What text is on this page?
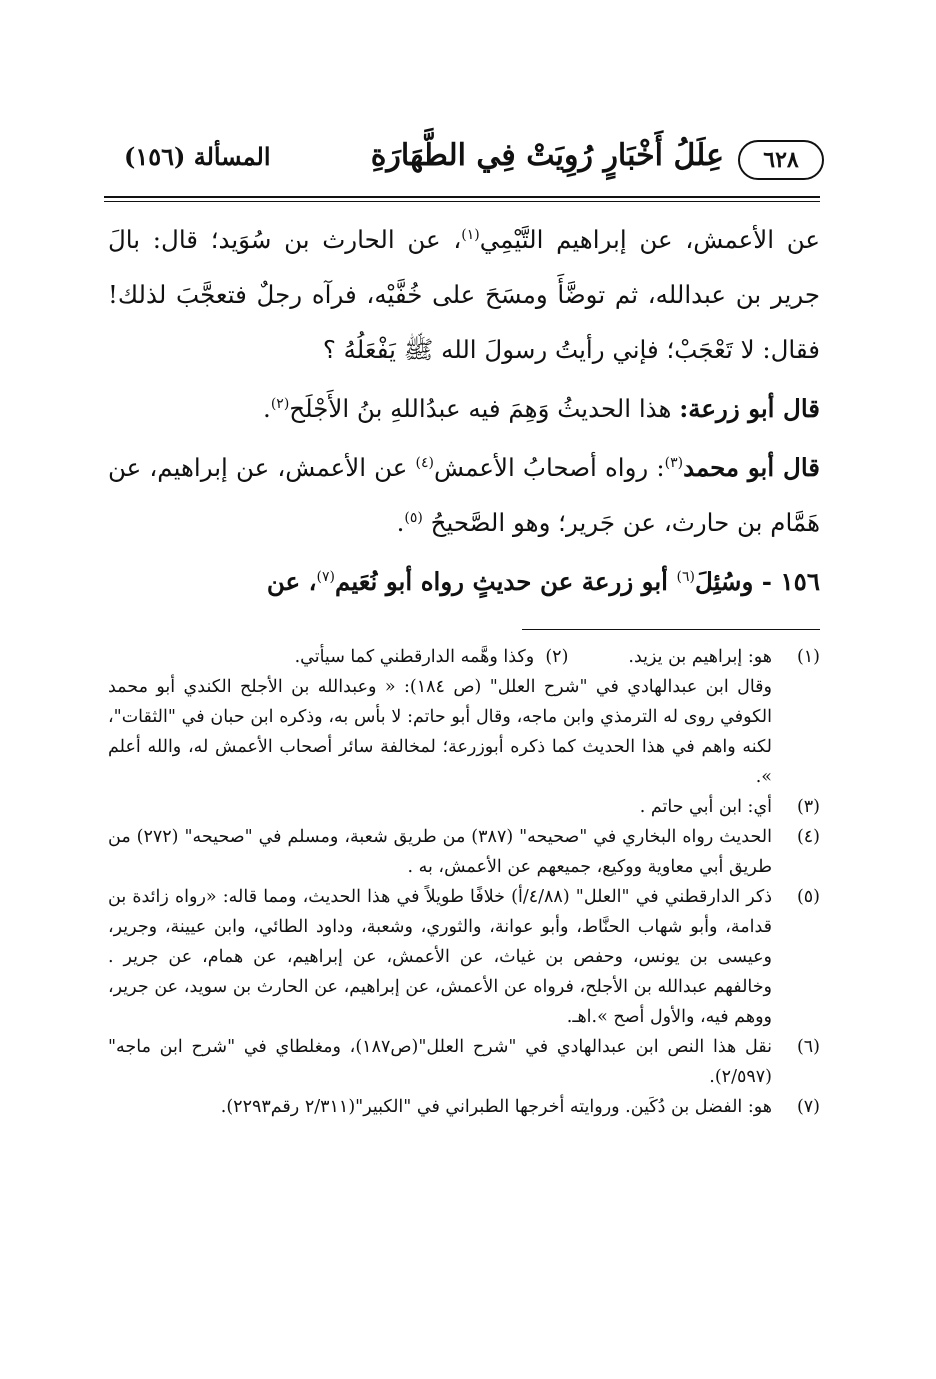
٦٢٨
عِلَلُ أَخْبَارٍ رُوِيَتْ فِي الطَّهَارَةِ
المسألة (١٥٦)

عن الأعمش، عن إبراهيم التَّيْمِي$^{(١)}$، عن الحارث بن سُوَيد؛ قال: بالَ جرير بن عبدالله، ثم توضَّأَ ومسَحَ على خُفَّيْه، فرآه رجلٌ فتعجَّبَ لذلك! فقال: لا تَعْجَبْ؛ فإني رأيتُ رسولَ الله ﷺ يَفْعَلُهُ ؟

قال أبو زرعة: هذا الحديثُ وَهِمَ فيه عبدُاللهِ بنُ الأَجْلَح$^{(٢)}$.

قال أبو محمد$^{(٣)}$: رواه أصحابُ الأعمش$^{(٤)}$ عن الأعمش، عن إبراهيم، عن هَمَّام بن حارث، عن جَرير؛ وهو الصَّحيحُ $^{(٥)}$.

١٥٦ - وسُئِلَ$^{(٦)}$ أبو زرعة عن حديثٍ رواه أبو نُعَيم$^{(٧)}$، عن

(١)

هو: إبراهيم بن يزيد.(٢)  وكذا وهَّمه الدارقطني كما سيأتي.

وقال ابن عبدالهادي في "شرح العلل" (ص ١٨٤): « وعبدالله بن الأجلح الكندي أبو محمد الكوفي روى له الترمذي وابن ماجه، وقال أبو حاتم: لا بأس به، وذكره ابن حبان في "الثقات"، لكنه واهم في هذا الحديث كما ذكره أبوزرعة؛ لمخالفة سائر أصحاب الأعمش له، والله أعلم ».

(٣)
أي: ابن أبي حاتم .
(٤)
الحديث رواه البخاري في "صحيحه" (٣٨٧) من طريق شعبة، ومسلم في "صحيحه" (٢٧٢) من طريق أبي معاوية ووكيع، جميعهم عن الأعمش، به .
(٥)
ذكر الدارقطني في "العلل" (٤/٨٨/أ) خلافًا طويلاً في هذا الحديث، ومما قاله: «رواه زائدة بن قدامة، وأبو شهاب الحنَّاط، وأبو عوانة، والثوري، وشعبة، وداود الطائي، وابن عيينة، وجرير، وعيسى بن يونس، وحفص بن غياث، عن الأعمش، عن إبراهيم، عن همام، عن جرير . وخالفهم عبدالله بن الأجلح، فرواه عن الأعمش، عن إبراهيم، عن الحارث بن سويد، عن جرير، ووهم فيه، والأول أصح ».اهـ.
(٦)
نقل هذا النص ابن عبدالهادي في "شرح العلل"(ص١٨٧)، ومغلطاي في "شرح ابن ماجه"(٢/٥٩٧).
(٧)
هو: الفضل بن دُكَين. وروايته أخرجها الطبراني في "الكبير"(٢/٣١١ رقم٢٢٩٣).
